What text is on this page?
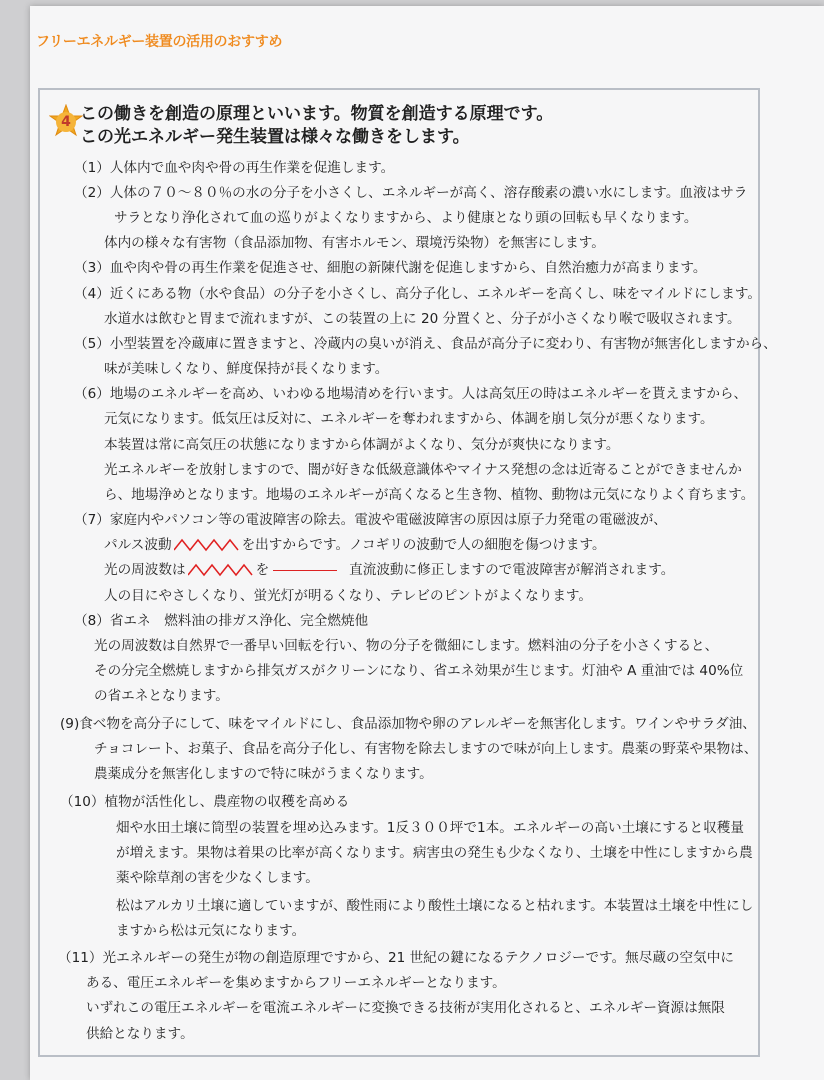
フリーエネルギー装置の活用のおすすめ
4 この働きを創造の原理といいます。物質を創造する原理です。
この光エネルギー発生装置は様々な働きをします。
（1）人体内で血や肉や骨の再生作業を促進します。
（2）人体の７０～８０％の水の分子を小さくし、エネルギーが高く、溶存酸素の濃い水にします。血液はサラ
サラとなり浄化されて血の巡りがよくなりますから、より健康となり頭の回転も早くなります。
体内の様々な有害物（食品添加物、有害ホルモン、環境汚染物）を無害にします。
（3）血や肉や骨の再生作業を促進させ、細胞の新陳代謝を促進しますから、自然治癒力が高まります。
（4）近くにある物（水や食品）の分子を小さくし、高分子化し、エネルギーを高くし、味をマイルドにします。
水道水は飲むと胃まで流れますが、この装置の上に 20 分置くと、分子が小さくなり喉で吸収されます。
（5）小型装置を冷蔵庫に置きますと、冷蔵内の臭いが消え、食品が高分子に変わり、有害物が無害化しますから、
味が美味しくなり、鮮度保持が長くなります。
（6）地場のエネルギーを高め、いわゆる地場清めを行います。人は高気圧の時はエネルギーを貰えますから、
元気になります。低気圧は反対に、エネルギーを奪われますから、体調を崩し気分が悪くなります。
本装置は常に高気圧の状態になりますから体調がよくなり、気分が爽快になります。
光エネルギーを放射しますので、闇が好きな低級意識体やマイナス発想の念は近寄ることができませんか
ら、地場浄めとなります。地場のエネルギーが高くなると生き物、植物、動物は元気になりよく育ちます。
（7）家庭内やパソコン等の電波障害の除去。電波や電磁波障害の原因は原子力発電の電磁波が、
パルス波動	を出すからです。ノコギリの波動で人の細胞を傷つけます。
光の周波数は	を	直流波動に修正しますので電波障害が解消されます。
人の目にやさしくなり、蛍光灯が明るくなり、テレビのピントがよくなります。
（8）省エネ　燃料油の排ガス浄化、完全燃焼他
光の周波数は自然界で一番早い回転を行い、物の分子を微細にします。燃料油の分子を小さくすると、
その分完全燃焼しますから排気ガスがクリーンになり、省エネ効果が生じます。灯油や A 重油では 40%位
の省エネとなります。
(9)食べ物を高分子にして、味をマイルドにし、食品添加物や卵のアレルギーを無害化します。ワインやサラダ油、
チョコレート、お菓子、食品を高分子化し、有害物を除去しますので味が向上します。農薬の野菜や果物は、
農薬成分を無害化しますので特に味がうまくなります。
（10）植物が活性化し、農産物の収穫を高める
畑や水田土壌に筒型の装置を埋め込みます。1反３００坪で1本。エネルギーの高い土壌にすると収穫量
が増えます。果物は着果の比率が高くなります。病害虫の発生も少なくなり、土壌を中性にしますから農
薬や除草剤の害を少なくします。
松はアルカリ土壌に適していますが、酸性雨により酸性土壌になると枯れます。本装置は土壌を中性にし
ますから松は元気になります。
（11）光エネルギーの発生が物の創造原理ですから、21 世紀の鍵になるテクノロジーです。無尽蔵の空気中に
ある、電圧エネルギーを集めますからフリーエネルギーとなります。
いずれこの電圧エネルギーを電流エネルギーに変換できる技術が実用化されると、エネルギー資源は無限
供給となります。
